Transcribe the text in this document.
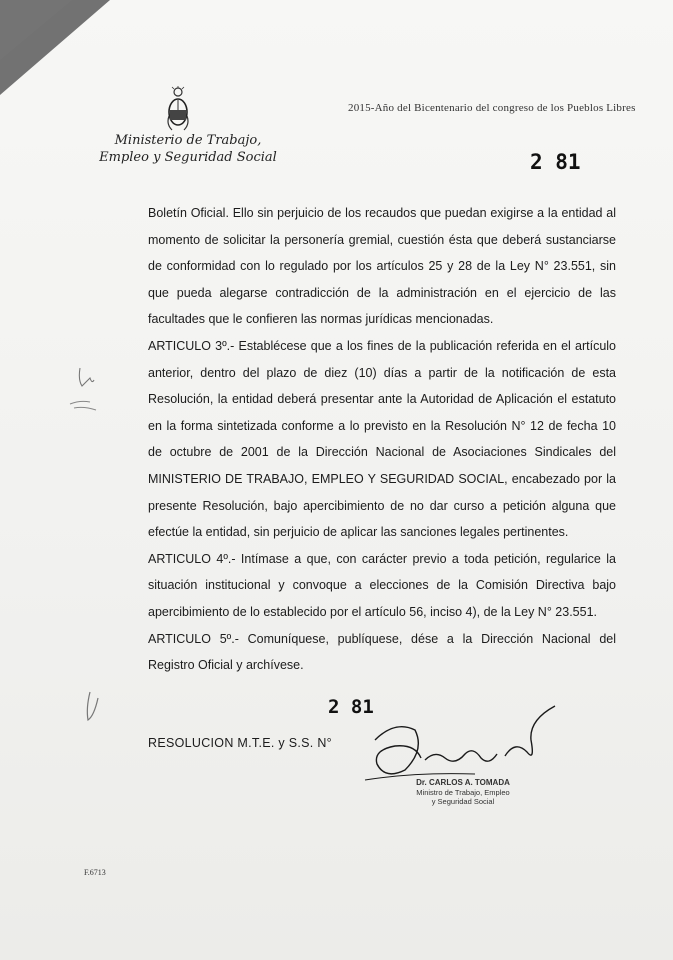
Ministerio de Trabajo,
Empleo y Seguridad Social
2015-Año del Bicentenario del congreso de los Pueblos Libres
2 81

Boletín Oficial. Ello sin perjuicio de los recaudos que puedan exigirse a la entidad al momento de solicitar la personería gremial, cuestión ésta que deberá sustanciarse de conformidad con lo regulado por los artículos 25 y 28 de la Ley N° 23.551, sin que pueda alegarse contradicción de la administración en el ejercicio de las facultades que le confieren las normas jurídicas mencionadas.

ARTICULO 3º.- Establécese que a los fines de la publicación referida en el artículo anterior, dentro del plazo de diez (10) días a partir de la notificación de esta Resolución, la entidad deberá presentar ante la Autoridad de Aplicación el estatuto en la forma sintetizada conforme a lo previsto en la Resolución N° 12 de fecha 10 de octubre de 2001 de la Dirección Nacional de Asociaciones Sindicales del MINISTERIO DE TRABAJO, EMPLEO Y SEGURIDAD SOCIAL, encabezado por la presente Resolución, bajo apercibimiento de no dar curso a petición alguna que efectúe la entidad, sin perjuicio de aplicar las sanciones legales pertinentes.

ARTICULO 4º.- Intímase a que, con carácter previo a toda petición, regularice la situación institucional y convoque a elecciones de la Comisión Directiva bajo apercibimiento de lo establecido por el artículo 56, inciso 4), de la Ley N° 23.551.

ARTICULO 5º.- Comuníquese, publíquese, dése a la Dirección Nacional del Registro Oficial y archívese.

2 81
RESOLUCION M.T.E. y S.S. N°
Dr. CARLOS A. TOMADA
Ministro de Trabajo, Empleo
y Seguridad Social
F.6713
